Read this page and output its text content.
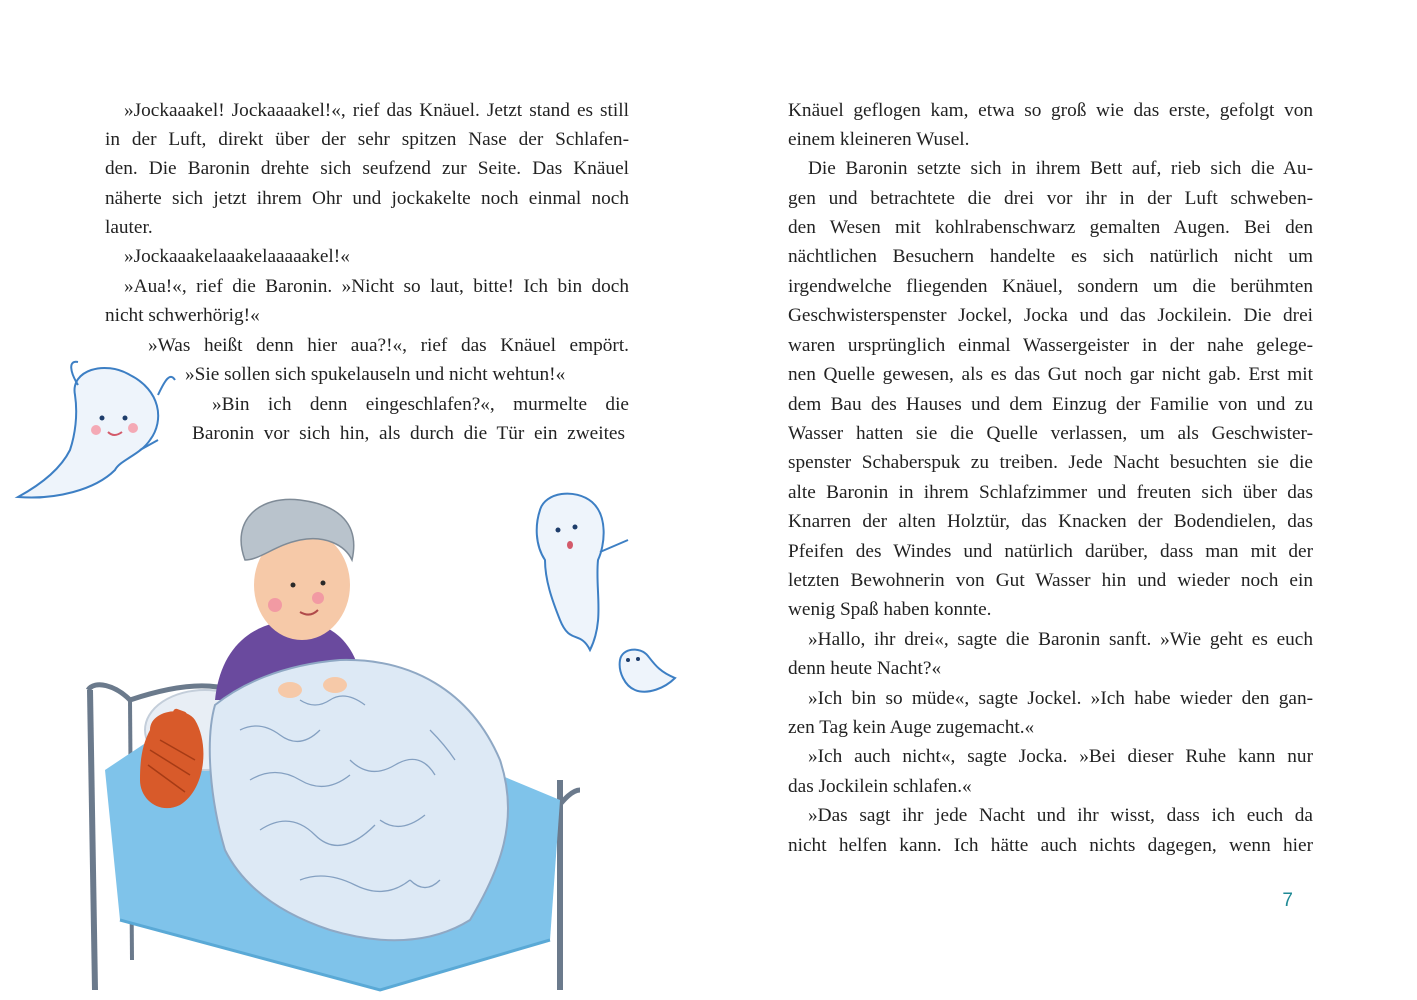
»Jockaaakel! Jockaaaakel!«, rief das Knäuel. Jetzt stand es still
in der Luft, direkt über der sehr spitzen Nase der Schlafen-
den. Die Baronin drehte sich seufzend zur Seite. Das Knäuel
näherte sich jetzt ihrem Ohr und jockakelte noch einmal noch
lauter.
»Jockaaakelaaakelaaaaakel!«
»Aua!«, rief die Baronin. »Nicht so laut, bitte! Ich bin doch
nicht schwerhörig!«
»Was heißt denn hier aua?!«, rief das Knäuel empört.
»Sie sollen sich spukelauseln und nicht wehtun!«
»Bin ich denn eingeschlafen?«, murmelte die
Baronin vor sich hin, als durch die Tür ein zweites
Knäuel geflogen kam, etwa so groß wie das erste, gefolgt von
einem kleineren Wusel.
Die Baronin setzte sich in ihrem Bett auf, rieb sich die Au-
gen und betrachtete die drei vor ihr in der Luft schweben-
den Wesen mit kohlrabenschwarz gemalten Augen. Bei den
nächtlichen Besuchern handelte es sich natürlich nicht um
irgendwelche fliegenden Knäuel, sondern um die berühmten
Geschwisterspenster Jockel, Jocka und das Jockilein. Die drei
waren ursprünglich einmal Wassergeister in der nahe gelege-
nen Quelle gewesen, als es das Gut noch gar nicht gab. Erst mit
dem Bau des Hauses und dem Einzug der Familie von und zu
Wasser hatten sie die Quelle verlassen, um als Geschwister-
spenster Schaberspuk zu treiben. Jede Nacht besuchten sie die
alte Baronin in ihrem Schlafzimmer und freuten sich über das
Knarren der alten Holztür, das Knacken der Bodendielen, das
Pfeifen des Windes und natürlich darüber, dass man mit der
letzten Bewohnerin von Gut Wasser hin und wieder noch ein
wenig Spaß haben konnte.
»Hallo, ihr drei«, sagte die Baronin sanft. »Wie geht es euch
denn heute Nacht?«
»Ich bin so müde«, sagte Jockel. »Ich habe wieder den gan-
zen Tag kein Auge zugemacht.«
»Ich auch nicht«, sagte Jocka. »Bei dieser Ruhe kann nur
das Jockilein schlafen.«
»Das sagt ihr jede Nacht und ihr wisst, dass ich euch da
nicht helfen kann. Ich hätte auch nichts dagegen, wenn hier
7
